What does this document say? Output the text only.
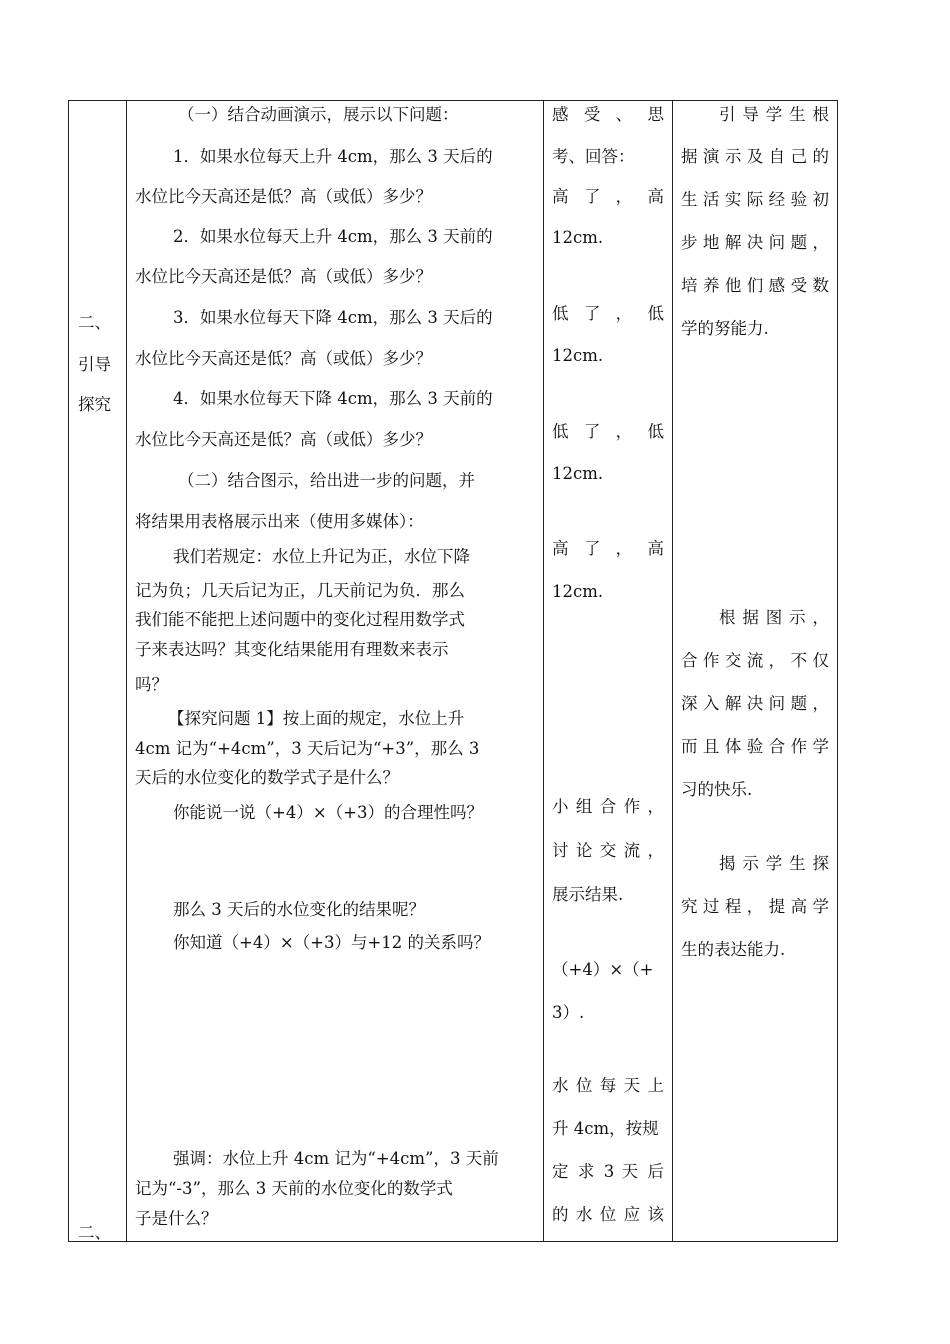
二、
引导
探究
二、
（一）结合动画演示，展示以下问题：
1．如果水位每天上升 4cm，那么 3 天后的
水位比今天高还是低？高（或低）多少？
2．如果水位每天上升 4cm，那么 3 天前的
水位比今天高还是低？高（或低）多少？
3．如果水位每天下降 4cm，那么 3 天后的
水位比今天高还是低？高（或低）多少？
4．如果水位每天下降 4cm，那么 3 天前的
水位比今天高还是低？高（或低）多少？
（二）结合图示，给出进一步的问题，并
将结果用表格展示出来（使用多媒体）：
我们若规定：水位上升记为正，水位下降
记为负；几天后记为正，几天前记为负．那么
我们能不能把上述问题中的变化过程用数学式
子来表达吗？其变化结果能用有理数来表示
吗？
【探究问题 1】按上面的规定，水位上升
4cm 记为“+4cm”，3 天后记为“+3”，那么 3
天后的水位变化的数学式子是什么？
你能说一说（+4）×（+3）的合理性吗？
那么 3 天后的水位变化的结果呢？
你知道（+4）×（+3）与+12 的关系吗？
强调：水位上升 4cm 记为“+4cm”，3 天前
记为“-3”，那么 3 天前的水位变化的数学式
子是什么？
感 受 、 思
考、回答：
高 了 ， 高
12cm.
低 了 ， 低
12cm.
低 了 ， 低
12cm.
高 了 ， 高
12cm.
小 组 合 作 ，
讨 论 交 流 ，
展示结果.
（+4）×（+
3）.
水 位 每 天 上
升 4cm，按规
定 求 3 天 后
的 水 位 应 该
引 导 学 生 根
据 演 示 及 自 己 的
生 活 实 际 经 验 初
步 地 解 决 问 题 ，
培 养 他 们 感 受 数
学的努能力.
根 据 图 示 ，
合 作 交 流 ， 不 仅
深 入 解 决 问 题 ，
而 且 体 验 合 作 学
习的快乐.
揭 示 学 生 探
究 过 程 ， 提 高 学
生的表达能力.
